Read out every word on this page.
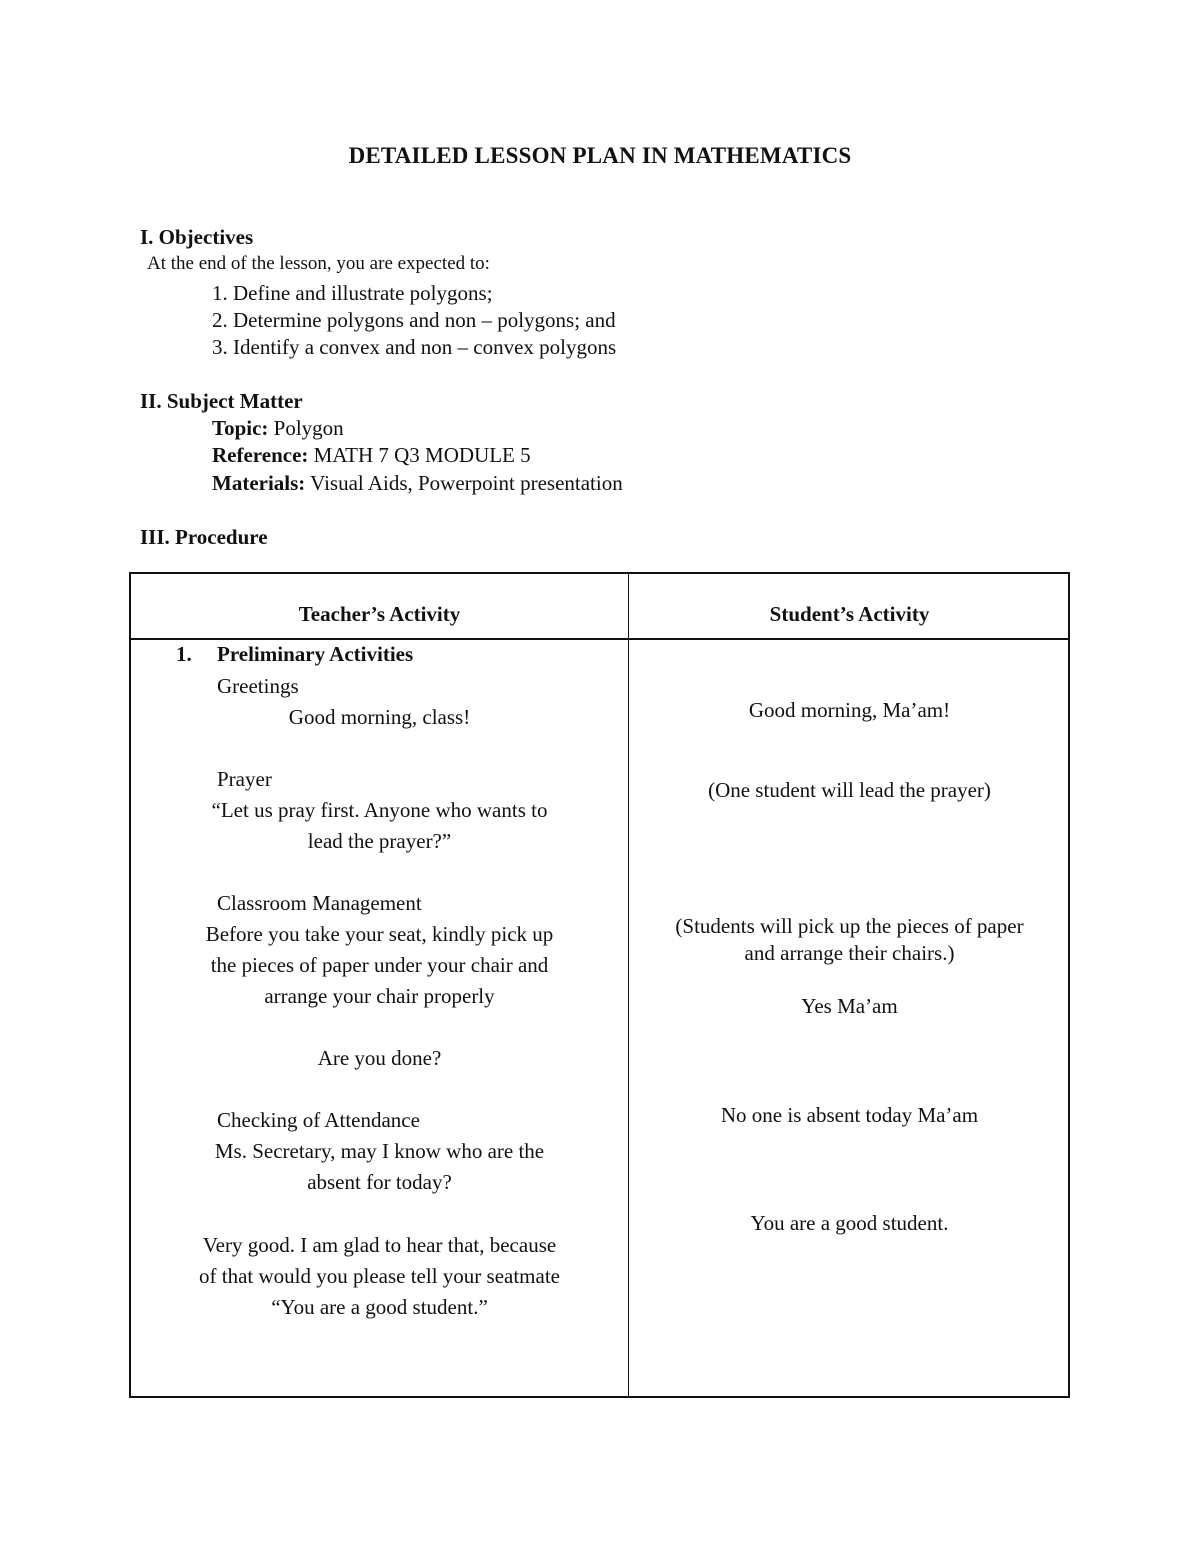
DETAILED LESSON PLAN IN MATHEMATICS
I. Objectives
At the end of the lesson, you are expected to:
1. Define and illustrate polygons;
2. Determine polygons and non – polygons; and
3. Identify a convex and non – convex polygons
II. Subject Matter
Topic: Polygon
Reference: MATH 7 Q3 MODULE 5
Materials: Visual Aids, Powerpoint presentation
III. Procedure
Teacher’s Activity	Student’s Activity
1. Preliminary Activities
Greetings
Good morning, class!
Prayer
“Let us pray first. Anyone who wants to
lead the prayer?”
Classroom Management
Before you take your seat, kindly pick up
the pieces of paper under your chair and
arrange your chair properly
Are you done?
Checking of Attendance
Ms. Secretary, may I know who are the
absent for today?
Very good. I am glad to hear that, because
of that would you please tell your seatmate
“You are a good student.”
Good morning, Ma’am!
(One student will lead the prayer)
(Students will pick up the pieces of paper
and arrange their chairs.)
Yes Ma’am
No one is absent today Ma’am
You are a good student.
